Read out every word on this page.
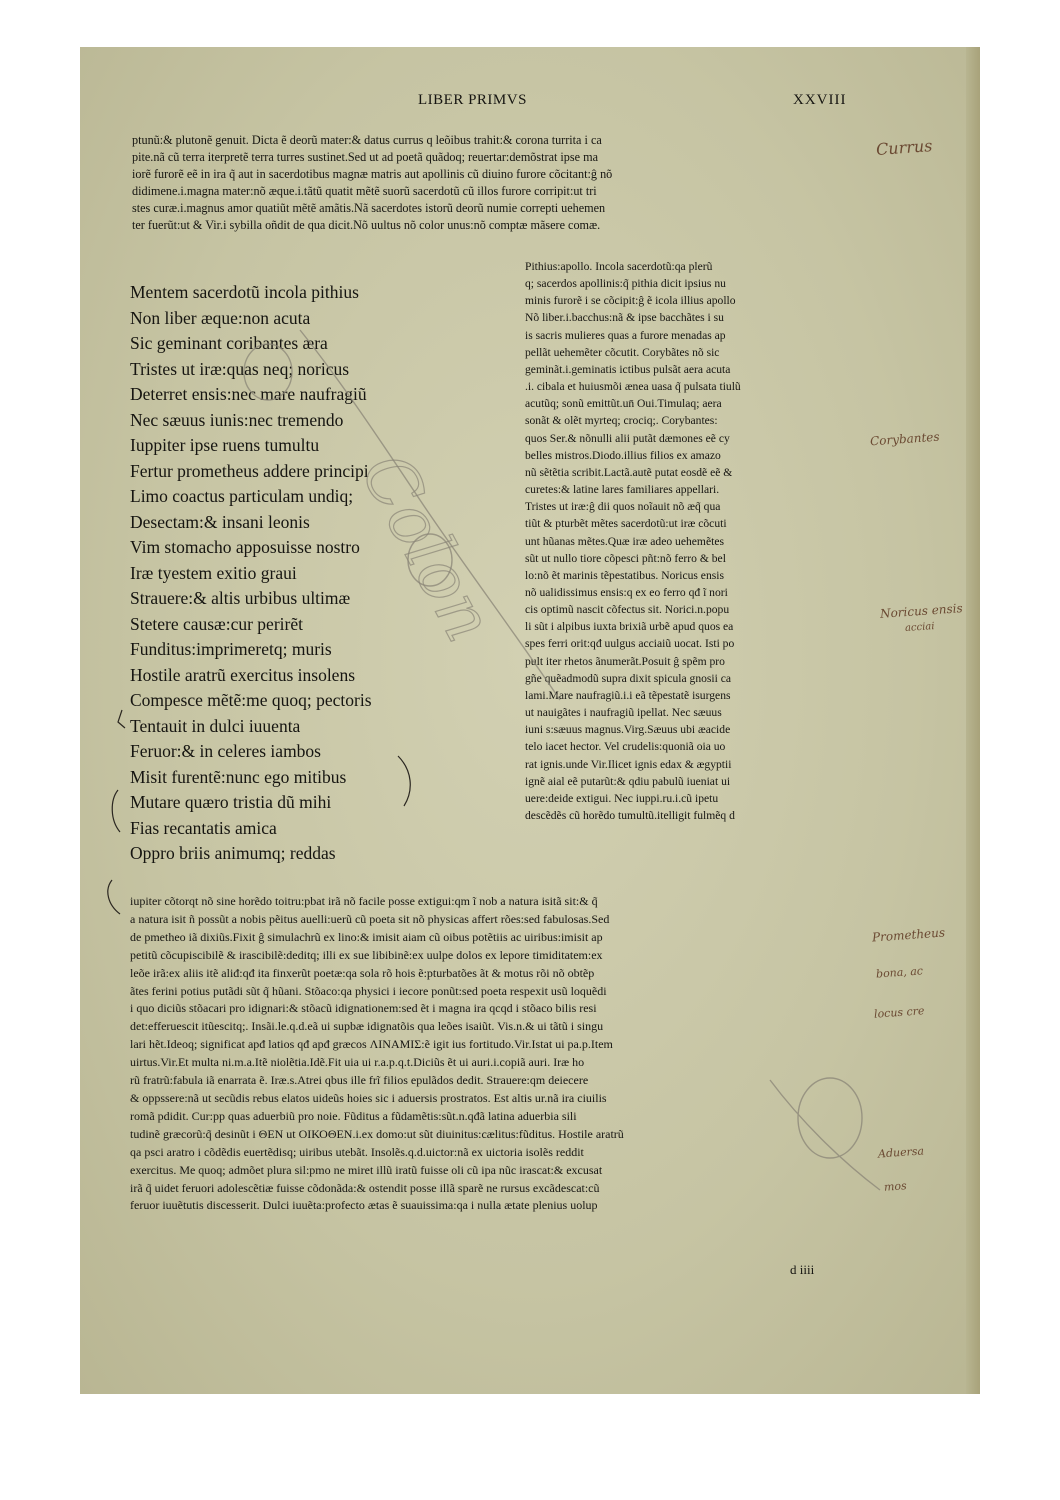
LIBER PRIMVS	XXVIII
ptunũ:& plutonẽ genuit. Dicta ẽ deorũ mater:& datus currus q leõibus trahit:& corona turrita i ca
pite.nã cũ terra iterpretẽ terra turres sustinet.Sed ut ad poetã quãdoq; reuertar:demõstrat ipse ma
iorẽ furorẽ eẽ in ira q̃ aut in sacerdotibus magnæ matris aut apollinis cũ diuino furore cõcitant:ĝ nõ
didimene.i.magna mater:nõ æque.i.tãtũ quatit mẽtẽ suorũ sacerdotũ cũ illos furore corripit:ut tri
stes curæ.i.magnus amor quatiũt mẽtẽ amãtis.Nã sacerdotes istorũ deorũ numie correpti uehemen
ter fuerũt:ut & Vir.i sybilla oñdit de qua dicit.Nõ uultus nõ color unus:nõ comptæ mãsere comæ.
Mentem sacerdotũ incola pithius
Non liber æque:non acuta
Sic geminant coribantes æra
Tristes ut iræ:quas neq; noricus
Deterret ensis:nec mare naufragiũ
Nec sæuus iunis:nec tremendo
Iuppiter ipse ruens tumultu
Fertur prometheus addere principi
Limo coactus particulam undiq;
Desectam:& insani leonis
Vim stomacho apposuisse nostro
Iræ tyestem exitio graui
Strauere:& altis urbibus ultimæ
Stetere causæ:cur perirẽt
Funditus:imprimeretq; muris
Hostile aratrũ exercitus insolens
Compesce mẽtẽ:me quoq; pectoris
Tentauit in dulci iuuenta
Feruor:& in celeres iambos
Misit furentẽ:nunc ego mitibus
Mutare quæro tristia dũ mihi
Fias recantatis amica
Oppro briis animumq; reddas
Pithius:apollo. Incola sacerdotũ:qa plerũ
q; sacerdos apollinis:q̃ pithia dicit ipsius nu
minis furorẽ i se cõcipit:ĝ ẽ icola illius apollo
Nõ liber.i.bacchus:nã & ipse bacchãtes i su
is sacris mulieres quas a furore menadas ap
pellãt uehemẽter cõcutit. Corybãtes nõ sic
geminãt.i.geminatis ictibus pulsãt aera acuta
.i. cibala et huiusmõi ænea uasa q̃ pulsata tiulũ
acutũq; sonũ emittũt.un̄ Oui.Timulaq; aera
sonãt & olẽt myrteq; crociq;. Corybantes:
quos Ser.& nõnulli alii putãt dæmones eẽ cy
belles mistros.Diodo.illius filios ex amazo
nũ sẽtẽtia scribit.Lactã.autẽ putat eosdẽ eẽ &
curetes:& latine lares familiares appellari.
Tristes ut iræ:ĝ dii quos noĩauit nõ æq̃ qua
tiũt & pturbẽt mẽtes sacerdotũ:ut iræ cõcuti
unt hũanas mẽtes.Quæ iræ adeo uehemẽtes
sũt ut nullo tiore cõpesci pñt:nõ ferro & bel
lo:nõ ẽt marinis tẽpestatibus. Noricus ensis
nõ ualidissimus ensis:q ex eo ferro qđ ĩ nori
cis optimũ nascit cõfectus sit. Norici.n.popu
li sũt i alpibus iuxta brixiã urbẽ apud quos ea
spes ferri orit:qđ uulgus acciaiũ uocat. Isti po
pult iter rhetos ãnumerãt.Posuit ĝ spẽm pro
gñe quẽadmodũ supra dixit spicula gnosii ca
lami.Mare naufragiũ.i.i eã tẽpestatẽ isurgens
ut nauigãtes i naufragiũ ipellat. Nec sæuus
iuni s:sæuus magnus.Virg.Sæuus ubi æacide
telo iacet hector. Vel crudelis:quoniã oia uo
rat ignis.unde Vir.Ilicet ignis edax & ægyptii
ignẽ aial eẽ putarũt:& qdiu pabulũ iueniat ui
uere:deide extigui. Nec iuppi.ru.i.cũ ipetu
descẽdẽs cũ horẽdo tumultũ.itelligit fulmẽq d
iupiter cõtorqt nõ sine horẽdo toitru:pbat irã nõ facile posse extigui:qm ĩ nob a natura isitã sit:& q̃
a natura isit ñ possũt a nobis pẽitus auelli:uerũ cũ poeta sit nõ physicas affert rões:sed fabulosas.Sed
de pmetheo iã dixiũs.Fixit ĝ simulachrũ ex lino:& imisit aiam cũ oibus potẽtiis ac uiribus:imisit ap
petitũ cõcupiscibilẽ & irascibilẽ:deditq; illi ex sue libibinẽ:ex uulpe dolos ex lepore timiditatem:ex
leõe irã:ex aliis itẽ aliđ:qđ ita finxerũt poetæ:qa sola rõ hois ẽ:pturbatões ãt & motus rõi nõ obtẽp
ãtes ferini potius putãdi sũt q̃ hũani. Stõaco:qa physici i iecore ponũt:sed poeta respexit usũ loquẽdi
i quo diciũs stõacari pro idignari:& stõacũ idignationem:sed ẽt i magna ira qcqd i stõaco bilis resi
det:efferuescit itũescitq;. Insãi.le.q.d.eã ui supbæ idignatõis qua leões isaiũt. Vis.n.& ui tãtũ i singu
lari hẽt.Ideoq; significat apđ latios qđ apđ græcos ΛΙΝΑΜΙΣ:ẽ igit ius fortitudo.Vir.Istat ui pa.p.Item
uirtus.Vir.Et multa ni.m.a.Itẽ niolẽtia.Idẽ.Fit uia ui r.a.p.q.t.Diciũs ẽt ui auri.i.copiã auri. Iræ ho
rũ fratrũ:fabula iã enarrata ẽ. Iræ.s.Atrei qbus ille frĩ filios epulãdos dedit. Strauere:qm deiecere
& oppssere:nã ut secũdis rebus elatos uideũs hoies sic i aduersis prostratos. Est altis ur.nã ira ciuilis
romã pdidit. Cur:pp quas aduerbiũ pro noie. Fũditus a fũdamẽtis:sũt.n.qđã latina aduerbia sili
tudinẽ græcorũ:q̃ desinũt i ΘΕΝ ut ΟΙΚΟΘΕΝ.i.ex domo:ut sũt diuinitus:cælitus:fũditus. Hostile aratrũ
qa psci aratro i cõdẽdis euertẽdisq; uiribus utebãt. Insolẽs.q.d.uictor:nã ex uictoria isolẽs reddit
exercitus. Me quoq; admõet plura sil:pmo ne miret illũ iratũ fuisse oli cũ ipa nũc irascat:& excusat
irã q̃ uidet feruori adolescẽtiæ fuisse cõdonãda:& ostendit posse illã sparẽ ne rursus excãdescat:cũ
feruor iuuẽtutis discesserit. Dulci iuuẽta:profecto ætas ẽ suauissima:qa i nulla ætate plenius uolup
d iiii
Currus
Corybantes
Noricus ensis
acciai
Prometheus
bona, ac
locus cre
Aduersa
mos
Colon
